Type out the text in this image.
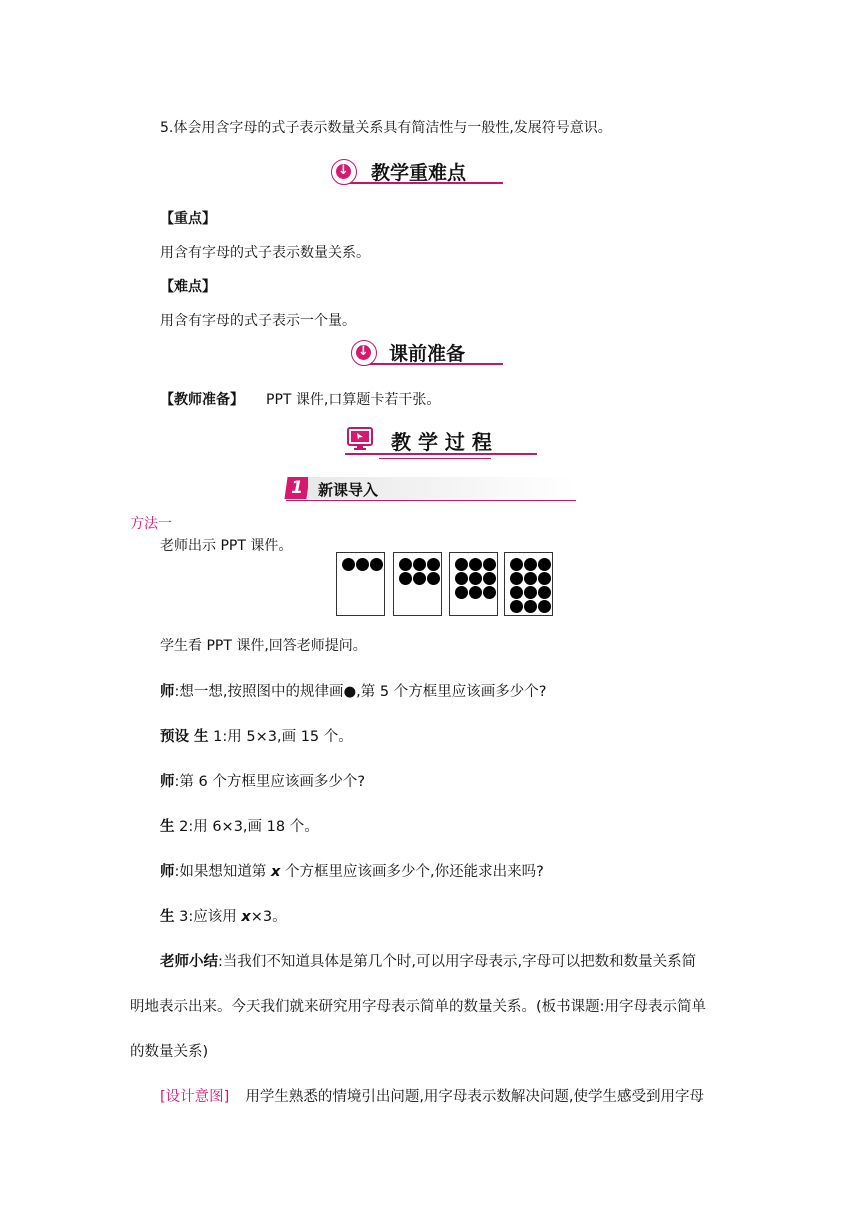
5.体会用含字母的式子表示数量关系具有简洁性与一般性,发展符号意识。
↓
教学重难点
【重点】
用含有字母的式子表示数量关系。
【难点】
用含有字母的式子表示一个量。
↓
课前准备
【教师准备】 PPT 课件,口算题卡若干张。
教 学 过 程
1	新课导入
方法一
老师出示 PPT 课件。
学生看 PPT 课件,回答老师提问。
师:想一想,按照图中的规律画●,第 5 个方框里应该画多少个?
预设 生 1:用 5×3,画 15 个。
师:第 6 个方框里应该画多少个?
生 2:用 6×3,画 18 个。
师:如果想知道第 x 个方框里应该画多少个,你还能求出来吗?
生 3:应该用 x×3。
老师小结:当我们不知道具体是第几个时,可以用字母表示,字母可以把数和数量关系简
明地表示出来。今天我们就来研究用字母表示简单的数量关系。(板书课题:用字母表示简单
的数量关系)
[设计意图] 用学生熟悉的情境引出问题,用字母表示数解决问题,使学生感受到用字母
